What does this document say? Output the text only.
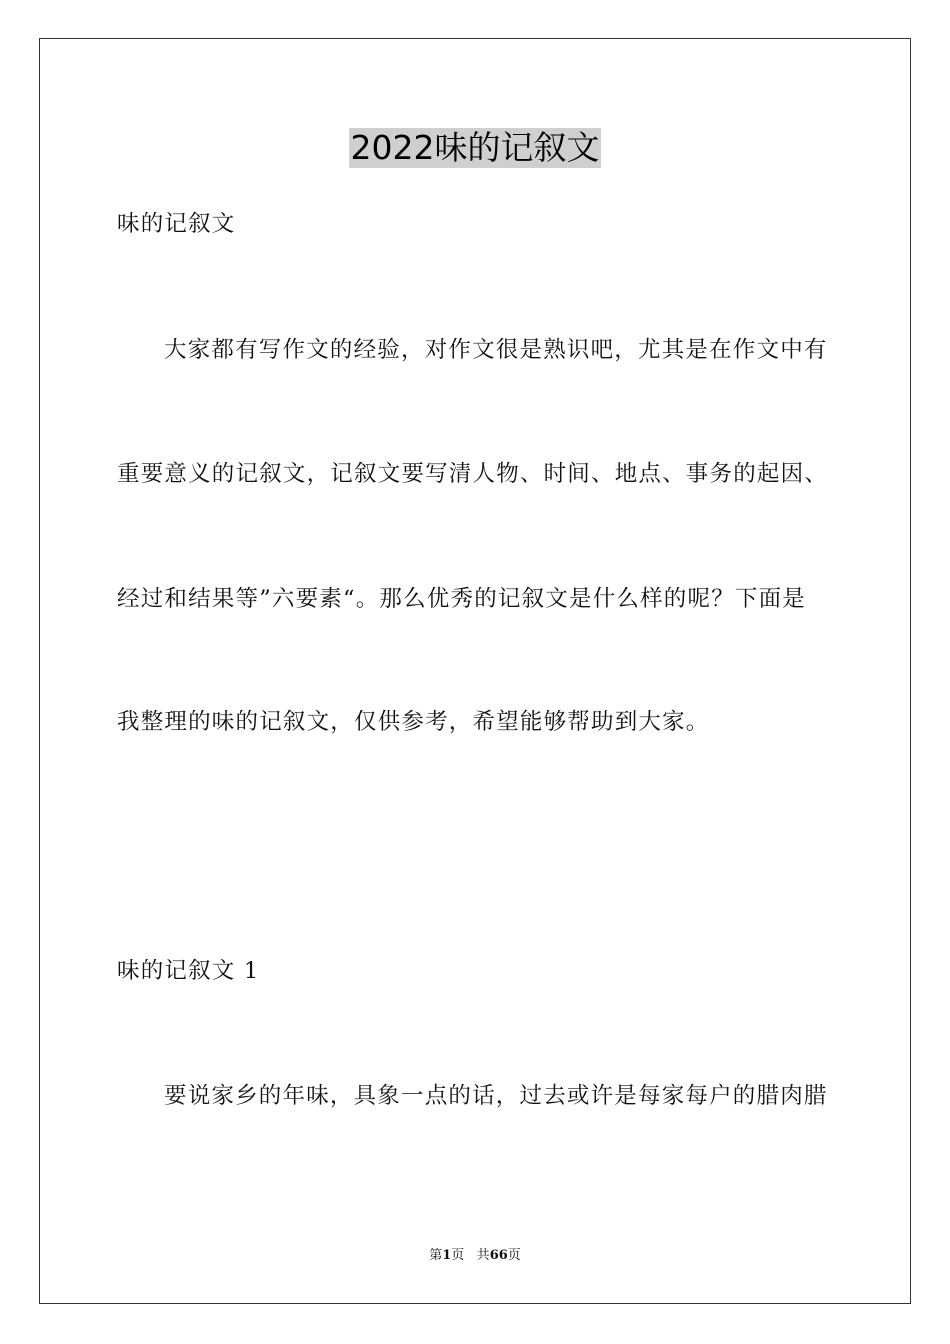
2022味的记叙文
味的记叙文
大家都有写作文的经验，对作文很是熟识吧，尤其是在作文中有
重要意义的记叙文，记叙文要写清人物、时间、地点、事务的起因、
经过和结果等”六要素“。那么优秀的记叙文是什么样的呢？下面是
我整理的味的记叙文，仅供参考，希望能够帮助到大家。
味的记叙文 1
要说家乡的年味，具象一点的话，过去或许是每家每户的腊肉腊
第1页 共66页
